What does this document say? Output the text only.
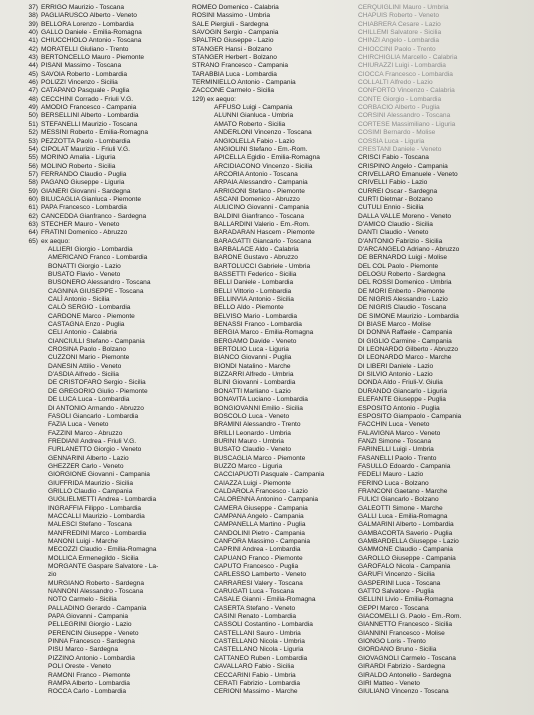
37) ERRIGO Maurizio - Toscana
38) PAGLIARUSCO Alberto - Veneto
39) BELLORA Lorenzo - Lombardia
40) GALLO Daniele - Emilia-Romagna
41) CHIUCCHIOLO Antonio - Toscana
42) MORATELLI Giuliano - Trento
43) BERTONCELLO Mauro - Piemonte
44) PISANI Massimo - Toscana
45) SAVOIA Roberto - Lombardia
46) POLIZZI Vincenzo - Sicilia
47) CATAPANO Pasquale - Puglia
48) CECCHINI Corrado - Friuli V.G.
49) AMODIO Francesco - Campania
50) BERSELLINI Alberto - Lombardia
51) STEFANELLI Maurizio - Toscana
52) MESSINI Roberto - Emilia-Romagna
53) PEZZOTTA Paolo - Lombardia
54) CIPOLAT Maurizio - Friuli V.G.
55) MORINO Amalia - Liguria
56) MOLINO Roberto - Sicilia
57) FERRANDO Claudio - Puglia
58) PAGANO Giuseppe - Liguria
59) GIANERI Giovanni - Sardegna
60) BILUCAGLIA Gianluca - Piemonte
61) PAPA Francesco - Lombardia
62) CANCEDDA Gianfranco - Sardegna
63) STECHER Mauro - Veneto
64) FRATINI Domenico - Abruzzo
65) ex aequo:
ALLIERI Giorgio - Lombardia
AMERICANO Franco - Lombardia
BONATTI Giorgio - Lazio
BUSATO Flavio - Veneto
BUSONERO Alessandro - Toscana
CAGNINA GIUSEPPE - Toscana
CALÌ Antonio - Sicilia
CALÒ SERGIO - Lombardia
CARDONE Marco - Piemonte
CASTAGNA Enzo - Puglia
CELI Antonio - Calabria
CIANCIULLI Stefano - Campania
CROSINA Paolo - Bolzano
CUZZONI Mario - Piemonte
DANESIN Attilio - Veneto
D'ASDIA Alfredo - Sicilia
DE CRISTOFARO Sergio - Sicilia
DE GREGORIO Giulio - Piemonte
DE LUCA Luca - Lombardia
DI ANTONIO Armando - Abruzzo
FASOLI Giancarlo - Lombardia
FAZIA Luca - Veneto
FAZZINI Marco - Abruzzo
FREDIANI Andrea - Friuli V.G.
FURLANETTO Giorgio - Veneto
GENNARINI Alberto - Lazio
GHEZZER Carlo - Veneto
GIORGIONE Giovanni - Campania
GIUFFRIDA Maurizio - Sicilia
GRILLO Claudio - Campania
GUGLIELMETTI Andrea - Lombardia
INGRAFFIA Filippo - Lombardia
MACCALLI Maurizio - Lombardia
MALESCI Stefano - Toscana
MANFREDINI Marco - Lombardia
MANONI Luigi - Marche
MECOZZI Claudio - Emilia-Romagna
MOLLICA Ermenegildo - Sicilia
MORGANTE Gaspare Salvatore - La-
zio
MURGIANO Roberto - Sardegna
NANNONI Alessandro - Toscana
NOTO Carmelo - Sicilia
PALLADINO Gerardo - Campania
PAPA Giovanni - Campania
PELLEGRINI Giorgio - Lazio
PERENCIN Giuseppe - Veneto
PINNA Francesco - Sardegna
PISU Marco - Sardegna
PIZZINO Antonio - Lombardia
POLI Oreste - Veneto
RAMONI Franco - Piemonte
RAMPA Alberto - Lombardia
ROCCA Carlo - Lombardia
ROMEO Domenico - Calabria
ROSINI Massimo - Umbria
SALE Piergiuli - Sardegna
SAVOGIN Sergio - Campania
SPALTRO Giuseppe - Lazio
STANGER Hansi - Bolzano
STANGER Herbert - Bolzano
STRANO Francesco - Campania
TARABBIA Luca - Lombardia
TERMINIELLO Antonio - Campania
ZACCONE Carmelo - Sicilia
129) ex aequo:
AFFUSO Luigi - Campania
ALUNNI Gianluca - Umbria
AMATO Roberto - Sicilia
ANDERLONI Vincenzo - Toscana
ANGIOLELLA Fabio - Lazio
ANGIOLINI Stefano - Em.-Rom.
APICELLA Egidio - Emilia-Romagna
ARCIDIACONO Vincenzo - Sicilia
ARCORIA Antonio - Toscana
ARPAIA Alessandro - Campania
ARRIGONI Stefano - Piemonte
ASCANI Domenico - Abruzzo
AULICINO Giovanni - Campania
BALDINI Gianfranco - Toscana
BALLARDINI Valerio - Em.-Rom.
BARADARAN Hascem - Piemonte
BARAGATTI Giancarlo - Toscana
BARBALACE Aldo - Calabria
BARONE Gustavo - Abruzzo
BARTOLUCCI Gabriele - Umbria
BASSETTI Federico - Sicilia
BELLI Daniele - Lombardia
BELLI Vittorio - Lombardia
BELLINVIA Antonio - Sicilia
BELLO Aldo - Piemonte
BELVISO Mario - Lombardia
BENASSI Franco - Lombardia
BERGIA Marco - Emilia-Romagna
BERGAMO Davide - Veneto
BERTOLIO Luca - Liguria
BIANCO Giovanni - Puglia
BIONDI Natalino - Marche
BIZZARRI Alfredo - Umbria
BLINI Giovanni - Lombardia
BONATTI Marliano - Lazio
BONAVITA Luciano - Lombardia
BONGIOVANNI Emilio - Sicilia
BOSCOLO Luca - Veneto
BRAMINI Alessandro - Trento
BRILLI Leonardo - Umbria
BURINI Mauro - Umbria
BUSATO Claudio - Veneto
BUSCAGLIA Marco - Piemonte
BUZZO Marco - Liguria
CACCIAPUOTI Pasquale - Campania
CAIAZZA Luigi - Piemonte
CALDAROLA Francesco - Lazio
CALORENNA Antonino - Campania
CAMERA Giuseppe - Campania
CAMPANA Angelo - Campania
CAMPANELLA Martino - Puglia
CANDOLINI Pietro - Campania
CANFORA Massimo - Campania
CAPRINI Andrea - Lombardia
CAPUANO Franco - Piemonte
CAPUTO Francesco - Puglia
CARLESSO Lamberto - Veneto
CARRARESI Valery - Toscana
CARUGATI Luca - Toscana
CASALE Gianni - Emilia-Romagna
CASERTA Stefano - Veneto
CASINI Renato - Lombardia
CASSOLI Costantino - Lombardia
CASTELLANI Sauro - Umbria
CASTELLANO Nicola - Umbria
CASTELLANO Nicola - Liguria
CATTANEO Ruben - Lombardia
CAVALLARO Fabio - Sicilia
CECCARINI Fabio - Umbria
CERATI Fabrizio - Lombardia
CERIONI Massimo - Marche
CERQUIGLINI Mauro - Umbria
CHAPUIS Roberto - Veneto
CHIABRERA Cesare - Lazio
CHILLEMI Salvatore - Sicilia
CHINZI Angelo - Lombardia
CHIOCCINI Paolo - Trento
CHIRCHIGLIA Marcello - Calabria
CHIURAZZI Luigi - Lombardia
CIOCCA Francesco - Lombardia
COLLALTI Alfredo - Lazio
CONFORTO Vincenzo - Calabria
CONTE Giorgio - Lombardia
CORBACIO Alberto - Puglia
CORSINI Alessandro - Toscana
CORTESE Massimiliano - Liguria
COSIMI Bernardo - Molise
COSSIA Luca - Liguria
CRESTANI Daniele - Veneto
CRISCI Fabio - Toscana
CRISPINO Angelo - Campania
CRIVELLARO Emanuele - Veneto
CRIVELLI Fabio - Lazio
CURREI Oscar - Sardegna
CURTI Dietmar - Bolzano
CUTULI Ennio - Sicilia
DALLA VALLE Moreno - Veneto
D'AMICO Claudio - Sicilia
DANTI Claudio - Veneto
D'ANTONIO Fabrizio - Sicilia
D'ARCANGELO Adriano - Abruzzo
DE BERNARDO Luigi - Molise
DEL COL Paolo - Piemonte
DELOGU Roberto - Sardegna
DEL ROSSI Domenico - Umbria
DE MORI Enberto - Piemonte
DE NIGRIS Alessandro - Lazio
DE NIGRIS Claudio - Toscana
DE SIMONE Maurizio - Lombardia
DI BIASE Marco - Molise
DI DONNA Raffaele - Campania
DI GIGLIO Carmine - Campania
DI LEONARDO Gilberto - Abruzzo
DI LEONARDO Marco - Marche
DI LIBERI Daniele - Lazio
DI SILVIO Antonio - Lazio
DONDA Aldo - Friuli-V. Giulia
DURANDO Giancarlo - Liguria
ELEFANTE Giuseppe - Puglia
ESPOSITO Antonio - Puglia
ESPOSITO Giampaolo - Campania
FACCHIN Luca - Veneto
FALAVIGNA Marco - Veneto
FANZI Simone - Toscana
FARINELLI Luigi - Umbria
FASANELLI Paolo - Trento
FASULLO Edoardo - Campania
FEDELI Mauro - Lazio
FERINO Luca - Bolzano
FRANCONI Gaetano - Marche
FULICI Giancarlo - Bolzano
GALEOTTI Simone - Marche
GALLI Luca - Emilia-Romagna
GALMARINI Alberto - Lombardia
GAMBACORTA Saverio - Puglia
GAMBARDELLA Giuseppe - Lazio
GAMMONE Claudio - Campania
GAROLLO Giuseppe - Campania
GAROFALO Nicola - Campania
GARUFI Vincenzo - Sicilia
GASPERINI Luca - Toscana
GATTO Salvatore - Puglia
GELLINI Livio - Emilia-Romagna
GEPPI Marco - Toscana
GIACOMELLI G. Paolo - Em.-Rom.
GIANNETTO Francesco - Sicilia
GIANNINI Francesco - Molise
GIONGO Loris - Trento
GIORDANO Bruno - Sicilia
GIOVAGNOLI Carmelo - Toscana
GIRARDI Fabrizio - Sardegna
GIRALDO Antonello - Sardegna
GIRI Matteo - Veneto
GIULIANO Vincenzo - Toscana
